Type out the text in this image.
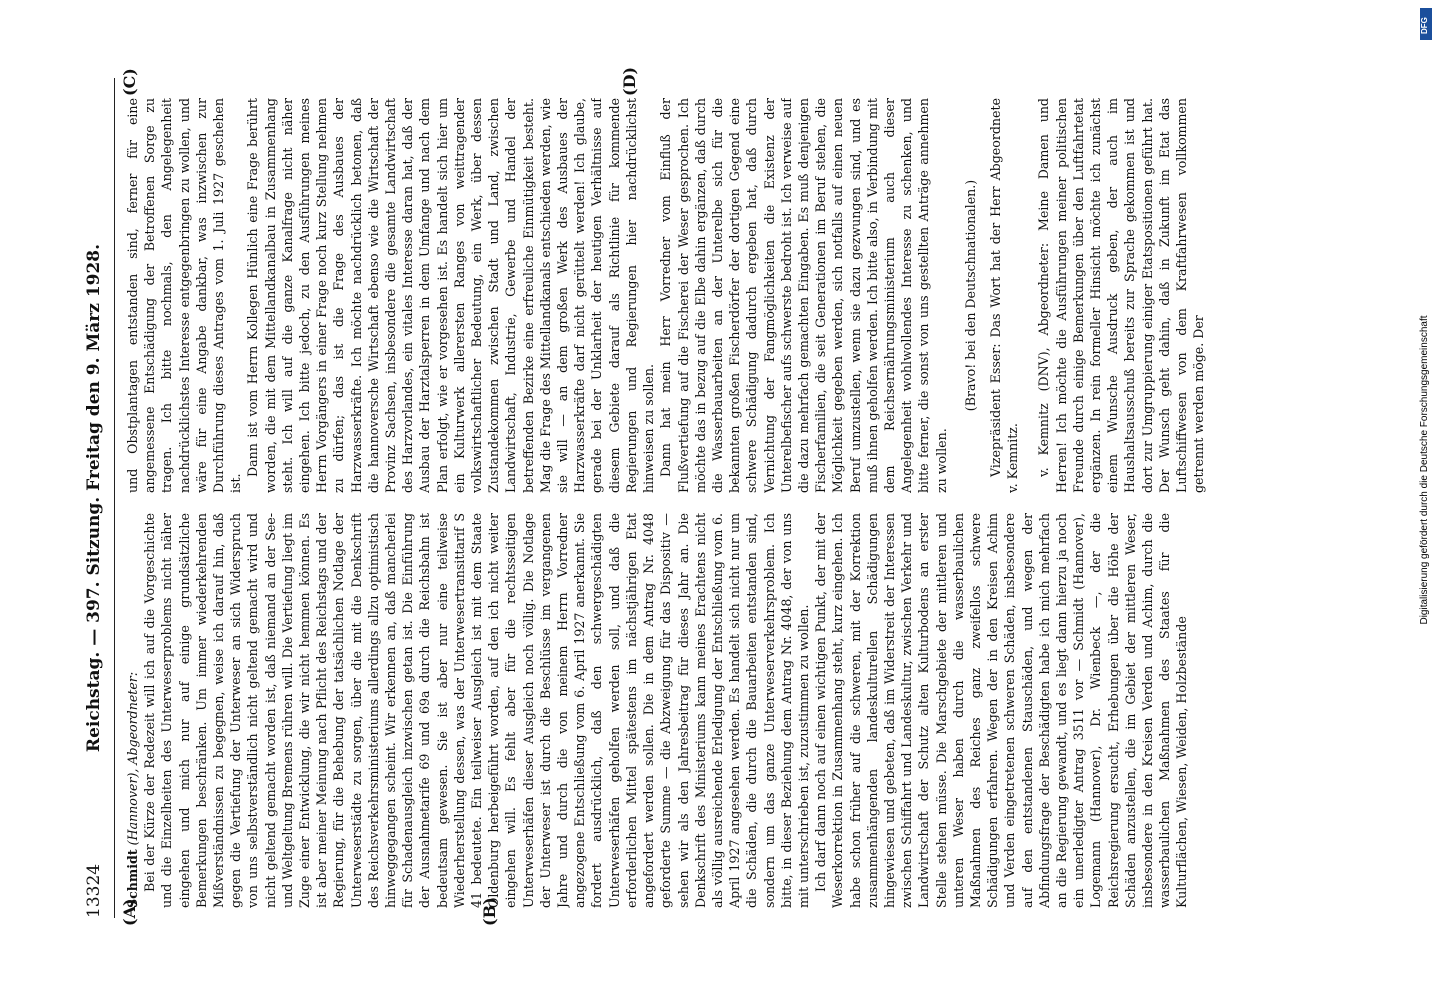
13324
Reichstag. — 397. Sitzung. Freitag den 9. März 1928.
(A)	(B)
(C)	(D)

Schmidt (Hannover), Abgeordneter: Bei der Kürze der Redezeit will ich auf die Vorgeschichte und die Einzelheiten des Unterweserproblems nicht näher eingehen und mich nur auf einige grundsätzliche Bemerkungen beschränken. Um immer wiederkehrenden Mißverständnissen zu begegnen, weise ich darauf hin, daß gegen die Vertiefung der Unterweser an sich Widerspruch von uns selbstverständlich nicht geltend gemacht wird und nicht geltend gemacht worden ist, daß niemand an der See- und Weltgeltung Bremens rühren will. Die Vertiefung liegt im Zuge einer Entwicklung, die wir nicht hemmen können. Es ist aber meiner Meinung nach Pflicht des Reichstags und der Regierung, für die Behebung der tatsächlichen Notlage der Unterweserstädte zu sorgen, über die mit die Denkschrift des Reichsverkehrsministeriums allerdings allzu optimistisch hinweggegangen scheint. Wir erkennen an, daß mancherlei für Schadenausgleich inzwischen getan ist. Die Einführung der Ausnahmetarife 69 und 69a durch die Reichsbahn ist bedeutsam gewesen. Sie ist aber nur eine teilweise Wiederherstellung dessen, was der Unterwesertransittarif S 41 bedeutete. Ein teilweiser Ausgleich ist mit dem Staate Oldenburg herbeigeführt worden, auf den ich nicht weiter eingehen will. Es fehlt aber für die rechtsseitigen Unterweserhäfen dieser Ausgleich noch völlig. Die Notlage der Unterweser ist durch die Beschlüsse im vergangenen Jahre und durch die von meinem Herrn Vorredner angezogene Entschließung vom 6. April 1927 anerkannt. Sie fordert ausdrücklich, daß den schwergeschädigten Unterweserhäfen geholfen werden soll, und daß die erforderlichen Mittel spätestens im nächstjährigen Etat angefordert werden sollen. Die in dem Antrag Nr. 4048 geforderte Summe — die Abzweigung für das Dispositiv — sehen wir als den Jahresbeitrag für dieses Jahr an. Die Denkschrift des Ministeriums kann meines Erachtens nicht als völlig ausreichende Erledigung der Entschließung vom 6. April 1927 angesehen werden. Es handelt sich nicht nur um die Schäden, die durch die Bauarbeiten entstanden sind, sondern um das ganze Unterweserverkehrsproblem. Ich bitte, in dieser Beziehung dem Antrag Nr. 4048, der von uns mit unterschrieben ist, zuzustimmen zu wollen. Ich darf dann noch auf einen wichtigen Punkt, der mit der Weserkorrektion in Zusammenhang steht, kurz eingehen. Ich habe schon früher auf die schweren, mit der Korrektion zusammenhängenden landeskulturellen Schädigungen hingewiesen und gebeten, daß im Widerstreit der Interessen zwischen Schiffahrt und Landeskultur, zwischen Verkehr und Landwirtschaft der Schutz alten Kulturbodens an erster Stelle stehen müsse. Die Marschgebiete der mittleren und unteren Weser haben durch die wasserbaulichen Maßnahmen des Reiches ganz zweifellos schwere Schädigungen erfahren. Wegen der in den Kreisen Achim und Verden eingetretenen schweren Schäden, insbesondere auf den entstandenen Stauschäden, und wegen der Abfindungsfrage der Beschädigten habe ich mich mehrfach an die Regierung gewandt, und es liegt dann hierzu ja noch ein unerledigter Antrag 3511 vor — Schmidt (Hannover), Logemann (Hannover), Dr. Wienbeck —, der die Reichsregierung ersucht, Erhebungen über die Höhe der Schäden anzustellen, die im Gebiet der mittleren Weser, insbesondere in den Kreisen Verden und Achim, durch die wasserbaulichen Maßnahmen des Staates für die Kulturflächen, Wiesen, Weiden, Holzbestände

und Obstplantagen entstanden sind, ferner für eine angemessene Entschädigung der Betroffenen Sorge zu tragen. Ich bitte nochmals, den Angelegenheit nachdrücklichstes Interesse entgegenbringen zu wollen, und wäre für eine Angabe dankbar, was inzwischen zur Durchführung dieses Antrages vom 1. Juli 1927 geschehen ist.

Dann ist vom Herrn Kollegen Hünlich eine Frage berührt worden, die mit dem Mittellandkanalbau in Zusammenhang steht. Ich will auf die ganze Kanalfrage nicht näher eingehen. Ich bitte jedoch, zu den Ausführungen meines Herrn Vorgängers in einer Frage noch kurz Stellung nehmen zu dürfen; das ist die Frage des Ausbaues der Harzwasserkräfte. Ich möchte nachdrücklich betonen, daß die hannoversche Wirtschaft ebenso wie die Wirtschaft der Provinz Sachsen, insbesondere die gesamte Landwirtschaft des Harzvorlandes, ein vitales Interesse daran hat, daß der Ausbau der Harztalsperren in dem Umfange und nach dem Plan erfolgt, wie er vorgesehen ist. Es handelt sich hier um ein Kulturwerk allerersten Ranges von weittragender volkswirtschaftlicher Bedeutung, ein Werk, über dessen Zustandekommen zwischen Stadt und Land, zwischen Landwirtschaft, Industrie, Gewerbe und Handel der betreffenden Bezirke eine erfreuliche Einmütigkeit besteht. Mag die Frage des Mittellandkanals entschieden werden, wie sie will — an dem großen Werk des Ausbaues der Harzwasserkräfte darf nicht gerüttelt werden! Ich glaube, gerade bei der Unklarheit der heutigen Verhältnisse auf diesem Gebiete darauf als Richtlinie für kommende Regierungen und Regierungen hier nachdrücklichst hinweisen zu sollen. Dann hat mein Herr Vorredner vom Einfluß der Flußvertiefung auf die Fischerei der Weser gesprochen. Ich möchte das in bezug auf die Elbe dahin ergänzen, daß durch die Wasserbauarbeiten an der Unterelbe sich für die bekannten großen Fischerdörfer der dortigen Gegend eine schwere Schädigung dadurch ergeben hat, daß durch Vernichtung der Fangmöglichkeiten die Existenz der Unterelbefischer aufs schwerste bedroht ist. Ich verweise auf die dazu mehrfach gemachten Eingaben. Es muß denjenigen Fischerfamilien, die seit Generationen im Beruf stehen, die Möglichkeit gegeben werden, sich notfalls auf einen neuen Beruf umzustellen, wenn sie dazu gezwungen sind, und es muß ihnen geholfen werden. Ich bitte also, in Verbindung mit dem Reichsernährungsministerium auch dieser Angelegenheit wohlwollendes Interesse zu schenken, und bitte ferner, die sonst von uns gestellten Anträge annehmen zu wollen.

(Bravo! bei den Deutschnationalen.) Vizepräsident Esser: Das Wort hat der Herr Abgeordnete v. Kemnitz. v. Kemnitz (DNV), Abgeordneter: Meine Damen und Herren! Ich möchte die Ausführungen meiner politischen Freunde durch einige Bemerkungen über den Luftfahrtetat ergänzen. In rein formeller Hinsicht möchte ich zunächst einem Wunsche Ausdruck geben, der auch im Haushaltsausschuß bereits zur Sprache gekommen ist und dort zur Umgruppierung einiger Etatspositionen geführt hat. Der Wunsch geht dahin, daß in Zukunft im Etat das Luftschiffwesen von dem Kraftfahrwesen vollkommen getrennt werden möge. Der	Digitalisierung gefördert durch die Deutsche Forschungsgemeinschaft
DFG
